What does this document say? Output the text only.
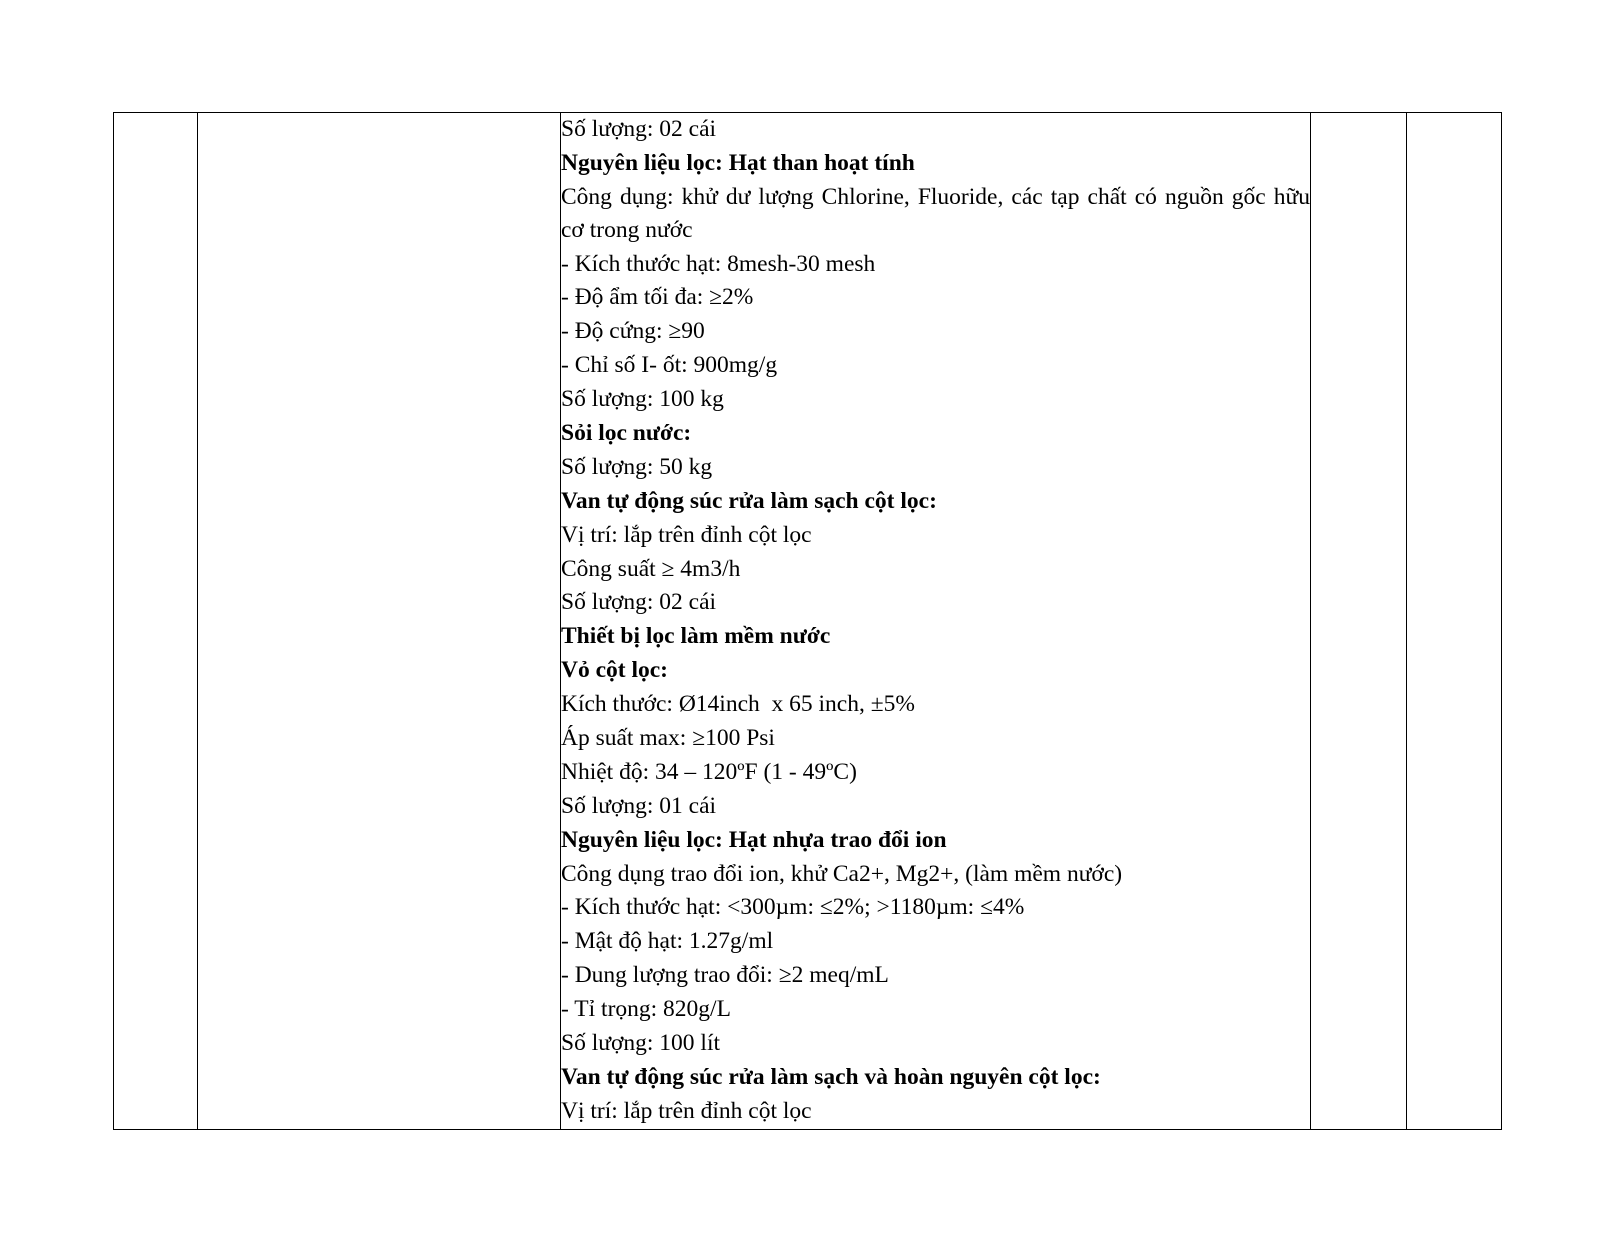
Số lượng: 02 cái
Nguyên liệu lọc: Hạt than hoạt tính
Công dụng: khử dư lượng Chlorine, Fluoride, các tạp chất có nguồn gốc hữu cơ trong nước
- Kích thước hạt: 8mesh-30 mesh
- Độ ẩm tối đa: ≥2%
- Độ cứng: ≥90
- Chỉ số I- ốt: 900mg/g
Số lượng: 100 kg
Sỏi lọc nước:
Số lượng: 50 kg
Van tự động súc rửa làm sạch cột lọc:
Vị trí: lắp trên đỉnh cột lọc
Công suất ≥ 4m3/h
Số lượng: 02 cái
Thiết bị lọc làm mềm nước
Vỏ cột lọc:
Kích thước: Ø14inch  x 65 inch, ±5%
Áp suất max: ≥100 Psi
Nhiệt độ: 34 – 120ºF (1 - 49ºC)
Số lượng: 01 cái
Nguyên liệu lọc: Hạt nhựa trao đổi ion
Công dụng trao đổi ion, khử Ca2+, Mg2+, (làm mềm nước)
- Kích thước hạt: <300µm: ≤2%; >1180µm: ≤4%
- Mật độ hạt: 1.27g/ml
- Dung lượng trao đổi: ≥2 meq/mL
- Tỉ trọng: 820g/L
Số lượng: 100 lít
Van tự động súc rửa làm sạch và hoàn nguyên cột lọc:
Vị trí: lắp trên đỉnh cột lọc
